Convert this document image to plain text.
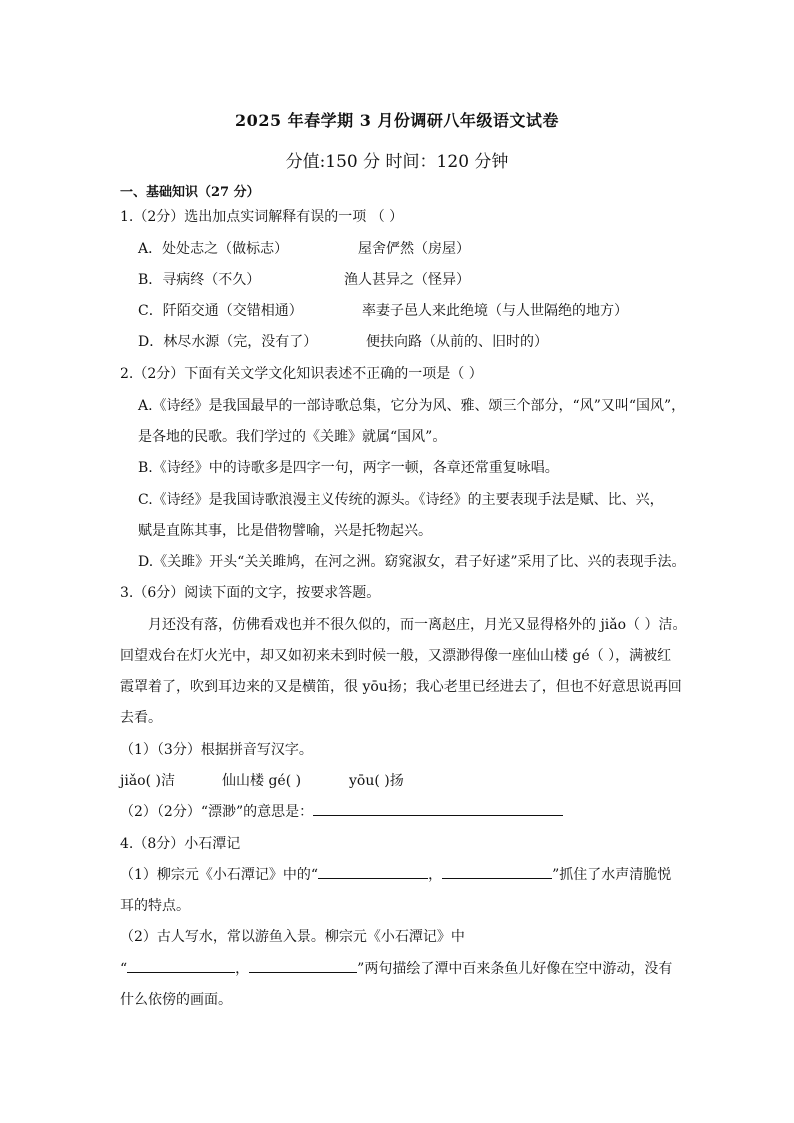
2025 年春学期 3 月份调研八年级语文试卷
分值:150 分 时间：120 分钟
一、基础知识（27 分）
1.（2分）选出加点实词解释有误的一项 （ ）
A．处处志之（做标志）	屋舍俨然（房屋）
B．寻病终（不久）	渔人甚异之（怪异）
C．阡陌交通（交错相通）	率妻子邑人来此绝境（与人世隔绝的地方）
D．林尽水源（完，没有了）	便扶向路（从前的、旧时的）
2.（2分）下面有关文学文化知识表述不正确的一项是（ ）
A.《诗经》是我国最早的一部诗歌总集，它分为风、雅、颂三个部分，“风”又叫“国风”，
是各地的民歌。我们学过的《关雎》就属“国风”。
B.《诗经》中的诗歌多是四字一句，两字一顿，各章还常重复咏唱。
C.《诗经》是我国诗歌浪漫主义传统的源头。《诗经》的主要表现手法是赋、比、兴，
赋是直陈其事，比是借物譬喻，兴是托物起兴。
D.《关雎》开头“关关雎鸠，在河之洲。窈窕淑女，君子好逑”采用了比、兴的表现手法。
3.（6分）阅读下面的文字，按要求答题。
月还没有落，仿佛看戏也并不很久似的，而一离赵庄，月光又显得格外的 jiǎo（ ）洁。
回望戏台在灯火光中，却又如初来未到时候一般，又漂渺得像一座仙山楼 gé（ ），满被红
霞罩着了，吹到耳边来的又是横笛，很 yōu扬；我心老里已经进去了，但也不好意思说再回
去看。
（1）（3分）根据拼音写汉字。
jiǎo( )洁	仙山楼 gé( )	yōu( )扬
（2）（2分）“漂渺”的意思是：
4.（8分）小石潭记
（1）柳宗元《小石潭记》中的“	，	”抓住了水声清脆悦
耳的特点。
（2）古人写水，常以游鱼入景。柳宗元《小石潭记》中
“	，	”两句描绘了潭中百来条鱼儿好像在空中游动，没有
什么依傍的画面。
